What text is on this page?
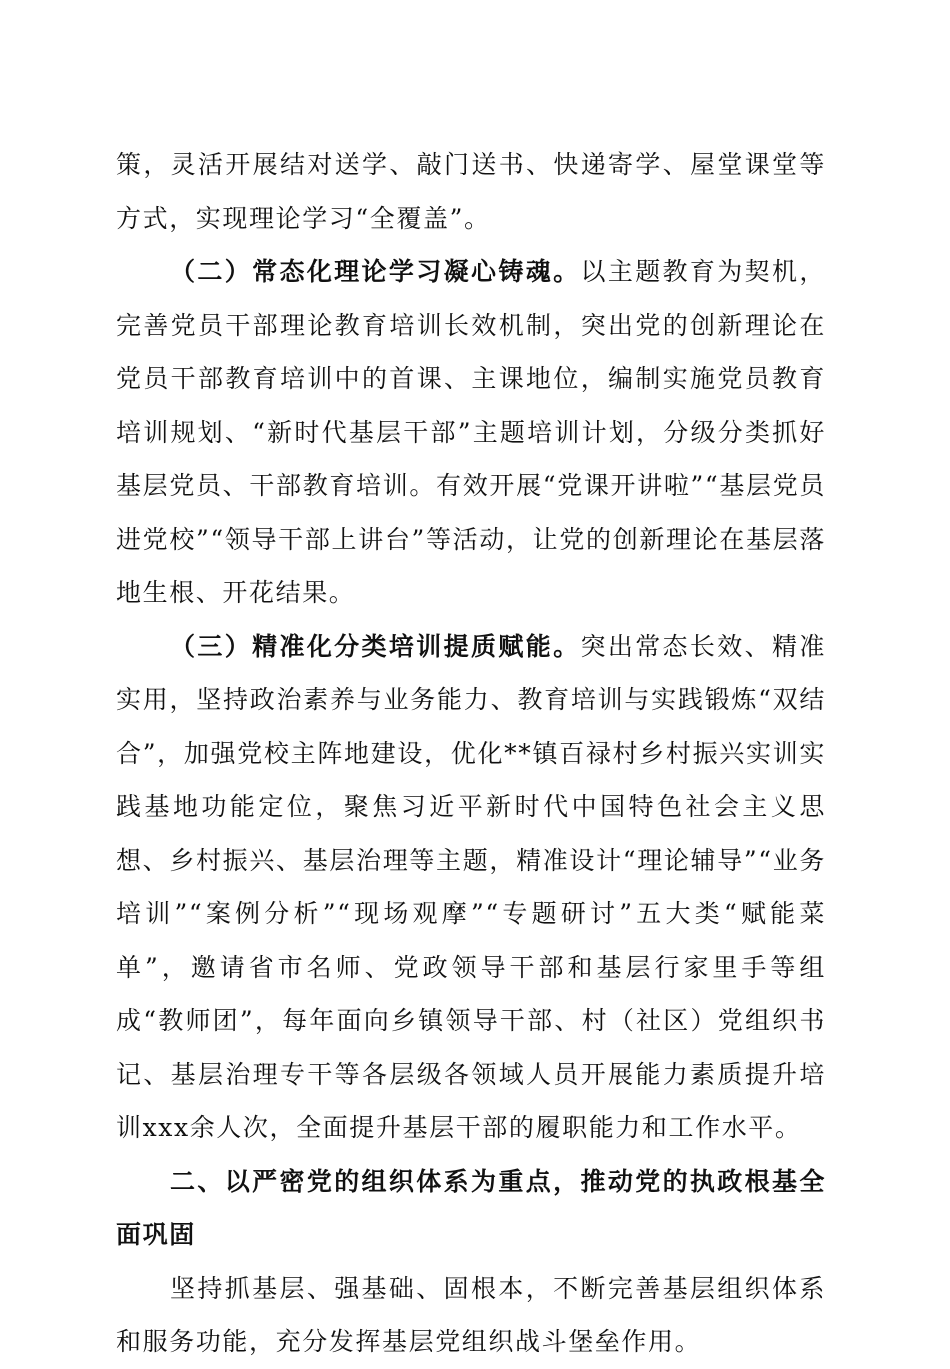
策，灵活开展结对送学、敲门送书、快递寄学、屋堂课堂等方式，实现理论学习“全覆盖”。

（二）常态化理论学习凝心铸魂。以主题教育为契机，完善党员干部理论教育培训长效机制，突出党的创新理论在党员干部教育培训中的首课、主课地位，编制实施党员教育培训规划、“新时代基层干部”主题培训计划，分级分类抓好基层党员、干部教育培训。有效开展“党课开讲啦”“基层党员进党校”“领导干部上讲台”等活动，让党的创新理论在基层落地生根、开花结果。

（三）精准化分类培训提质赋能。突出常态长效、精准实用，坚持政治素养与业务能力、教育培训与实践锻炼“双结合”，加强党校主阵地建设，优化**镇百禄村乡村振兴实训实践基地功能定位，聚焦习近平新时代中国特色社会主义思想、乡村振兴、基层治理等主题，精准设计“理论辅导”“业务培训”“案例分析”“现场观摩”“专题研讨”五大类“赋能菜单”，邀请省市名师、党政领导干部和基层行家里手等组成“教师团”，每年面向乡镇领导干部、村（社区）党组织书记、基层治理专干等各层级各领域人员开展能力素质提升培训xxx余人次，全面提升基层干部的履职能力和工作水平。

二、以严密党的组织体系为重点，推动党的执政根基全面巩固

坚持抓基层、强基础、固根本，不断完善基层组织体系和服务功能，充分发挥基层党组织战斗堡垒作用。
